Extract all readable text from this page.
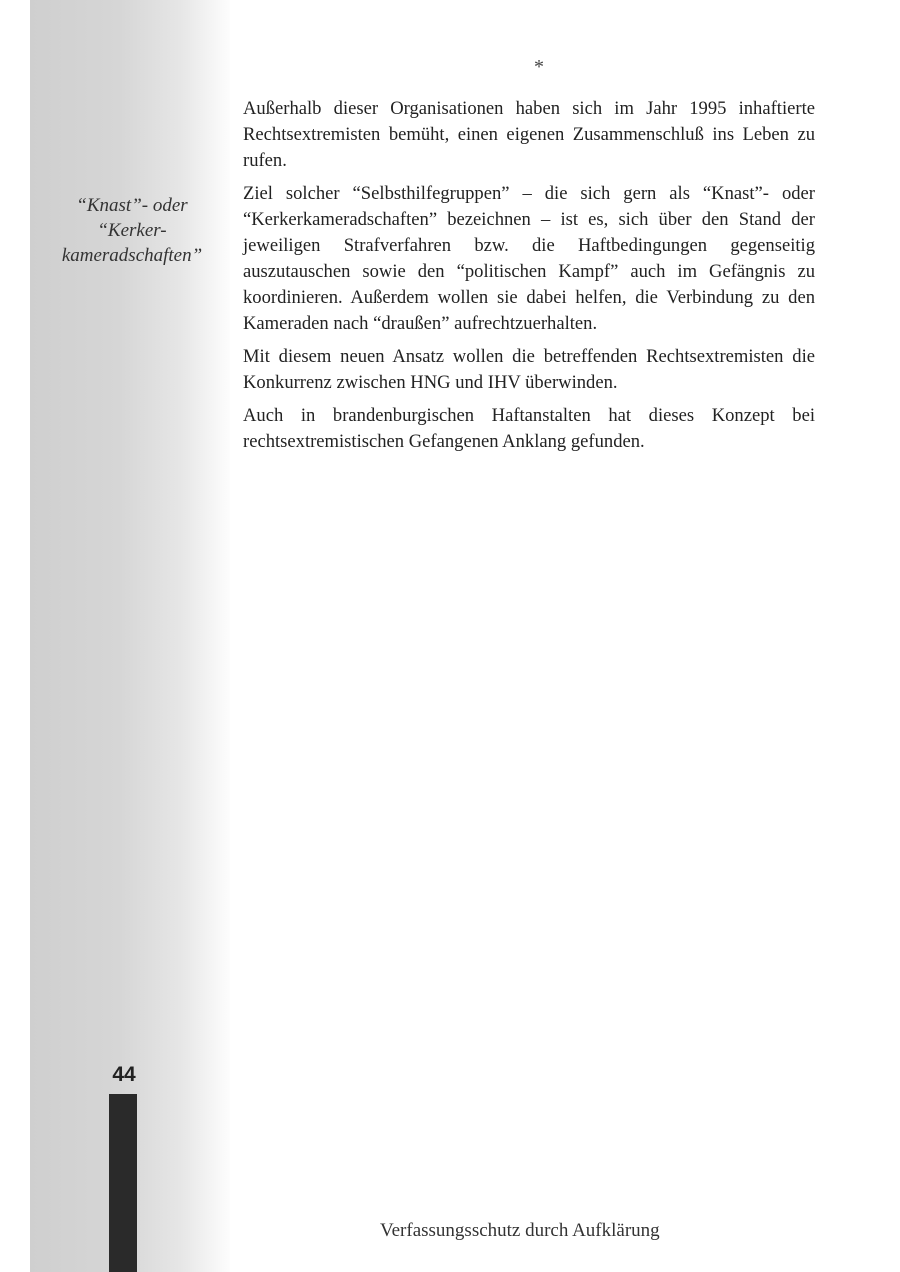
“Knast”- oder
“Kerker-
kameradschaften”
*

Außerhalb dieser Organisationen haben sich im Jahr 1995 inhaftierte Rechtsextremisten bemüht, einen eigenen Zusammenschluß ins Leben zu rufen.

Ziel solcher “Selbsthilfegruppen” – die sich gern als “Knast”- oder “Kerkerkameradschaften” bezeichnen – ist es, sich über den Stand der jeweiligen Strafverfahren bzw. die Haftbedingungen gegenseitig auszutauschen sowie den “politischen Kampf” auch im Gefängnis zu koordinieren. Außerdem wollen sie dabei helfen, die Verbindung zu den Kameraden nach “draußen” aufrechtzuerhalten.

Mit diesem neuen Ansatz wollen die betreffenden Rechtsextremisten die Konkurrenz zwischen HNG und IHV überwinden.

Auch in brandenburgischen Haftanstalten hat dieses Konzept bei rechtsextremistischen Gefangenen Anklang gefunden.

44
Verfassungsschutz durch Aufklärung
